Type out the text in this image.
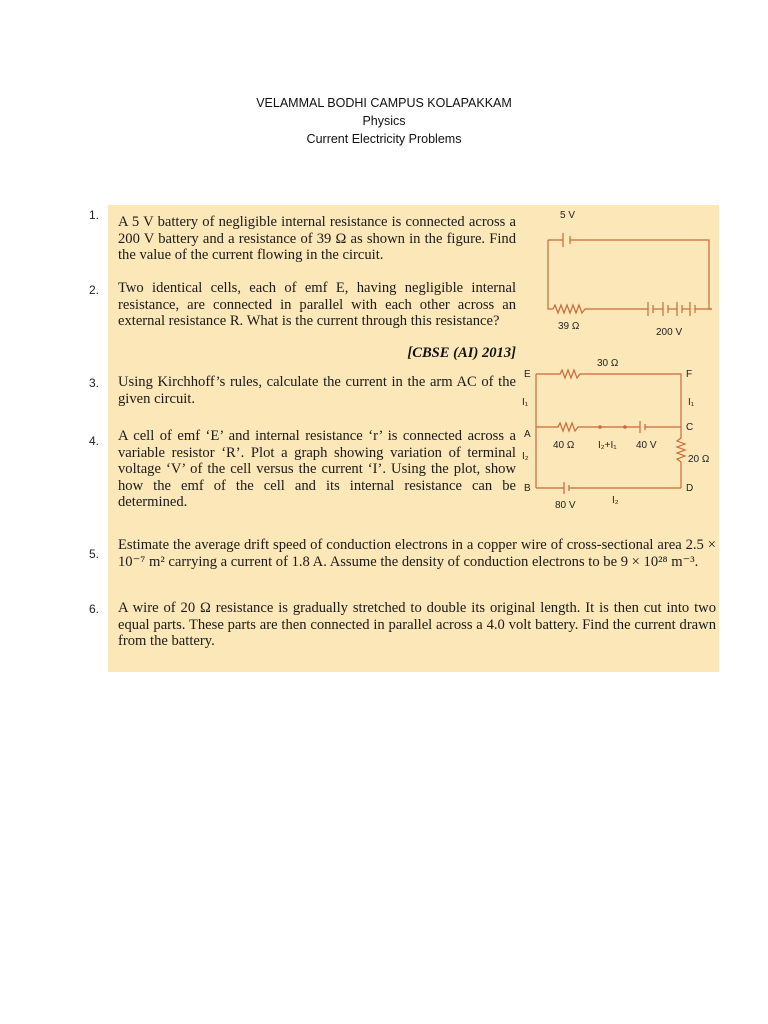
VELAMMAL BODHI CAMPUS KOLAPAKKAM
Physics
Current Electricity Problems
1.
2.
3.
4.
5.
6.
A 5 V battery of negligible internal resistance is connected across a 200 V battery and a resistance of 39 Ω as shown in the figure. Find the value of the current flowing in the circuit.
Two identical cells, each of emf E, having negligible internal resistance, are connected in parallel with each other across an external resistance R. What is the current through this resistance?
[CBSE (AI) 2013]
Using Kirchhoff’s rules, calculate the current in the arm AC of the given circuit.
A cell of emf ‘E’ and internal resistance ‘r’ is connected across a variable resistor ‘R’. Plot a graph showing variation of terminal voltage ‘V’ of the cell versus the current ‘I’. Using the plot, show how the emf of the cell and its internal resistance can be determined.
Estimate the average drift speed of conduction electrons in a copper wire of cross-sectional area 2.5 × 10⁻⁷ m² carrying a current of 1.8 A. Assume the density of conduction electrons to be 9 × 10²⁸ m⁻³.
A wire of 20 Ω resistance is gradually stretched to double its original length. It is then cut into two equal parts. These parts are then connected in parallel across a 4.0 volt battery. Find the current drawn from the battery.
5 V
39 Ω
200 V
30 Ω
40 Ω	40 V
20 Ω
80 V
E	F
A
C
B	D
I₁	I₁
I₂
I₂+I₁
I₂
